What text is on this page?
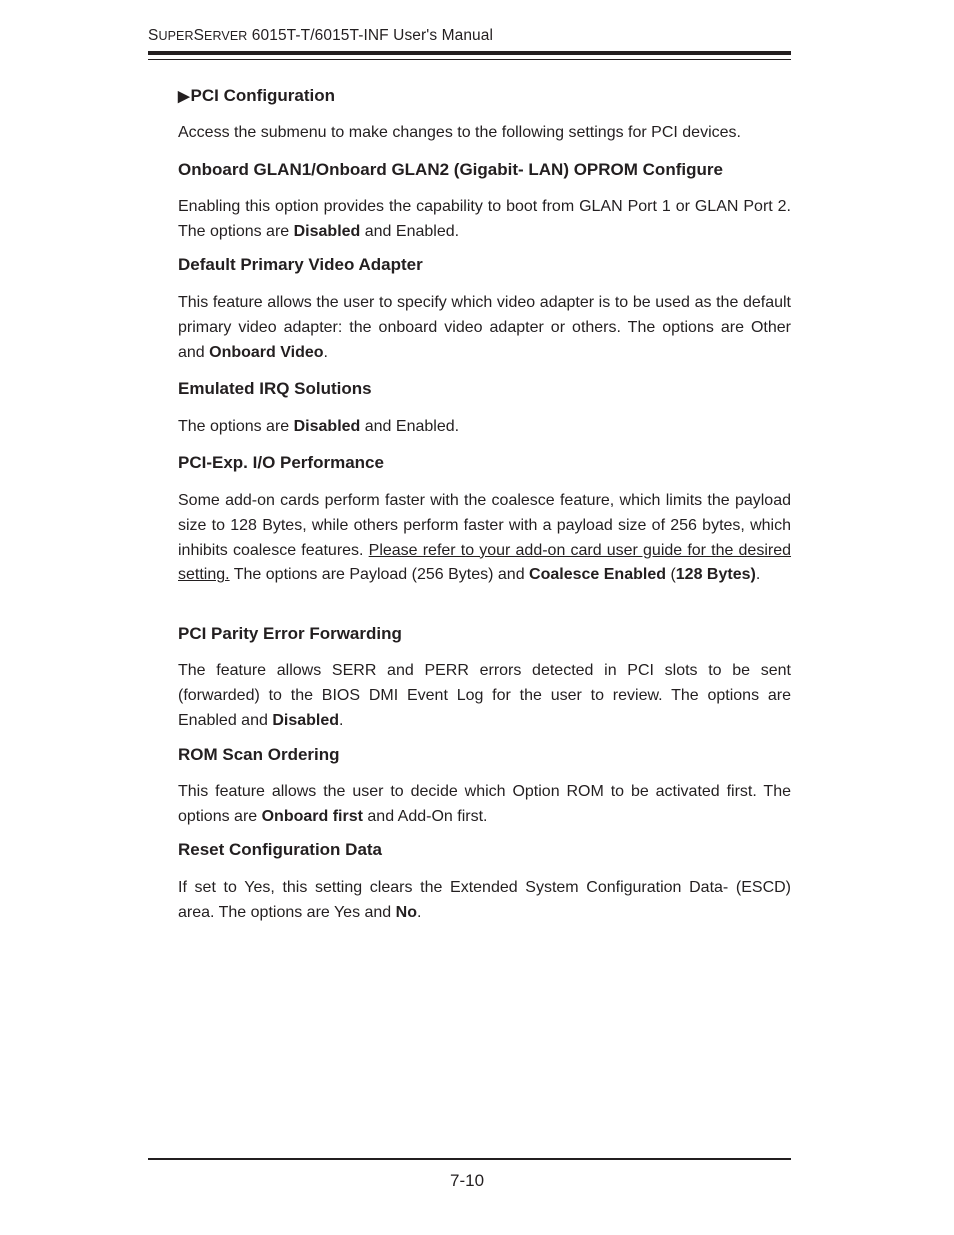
SUPERSERVER 6015T-T/6015T-INF User's Manual
▶PCI Configuration
Access the submenu to make changes to the following settings for PCI devices.
Onboard GLAN1/Onboard GLAN2 (Gigabit- LAN) OPROM Configure
Enabling this option provides the capability to boot from GLAN Port 1 or GLAN Port 2. The options are Disabled and Enabled.
Default Primary Video Adapter
This feature allows the user to specify which video adapter is to be used as the default primary video adapter: the onboard video adapter or others. The options are Other and Onboard Video.
Emulated IRQ Solutions
The options are Disabled and Enabled.
PCI-Exp. I/O Performance
Some add-on cards perform faster with the coalesce feature, which limits the payload size to 128 Bytes, while others perform faster with a payload size of 256 bytes, which inhibits coalesce features. Please refer to your add-on card user guide for the desired setting. The options are Payload (256 Bytes) and Coalesce Enabled (128 Bytes).
PCI Parity Error Forwarding
The feature allows SERR and PERR errors detected in PCI slots to be sent (forwarded) to the BIOS DMI Event Log for the user to review. The options are Enabled and Disabled.
ROM Scan Ordering
This feature allows the user to decide which Option ROM to be activated first. The options are Onboard first and Add-On first.
Reset Configuration Data
If set to Yes, this setting clears the Extended System Configuration Data- (ESCD) area. The options are Yes and No.
7-10
